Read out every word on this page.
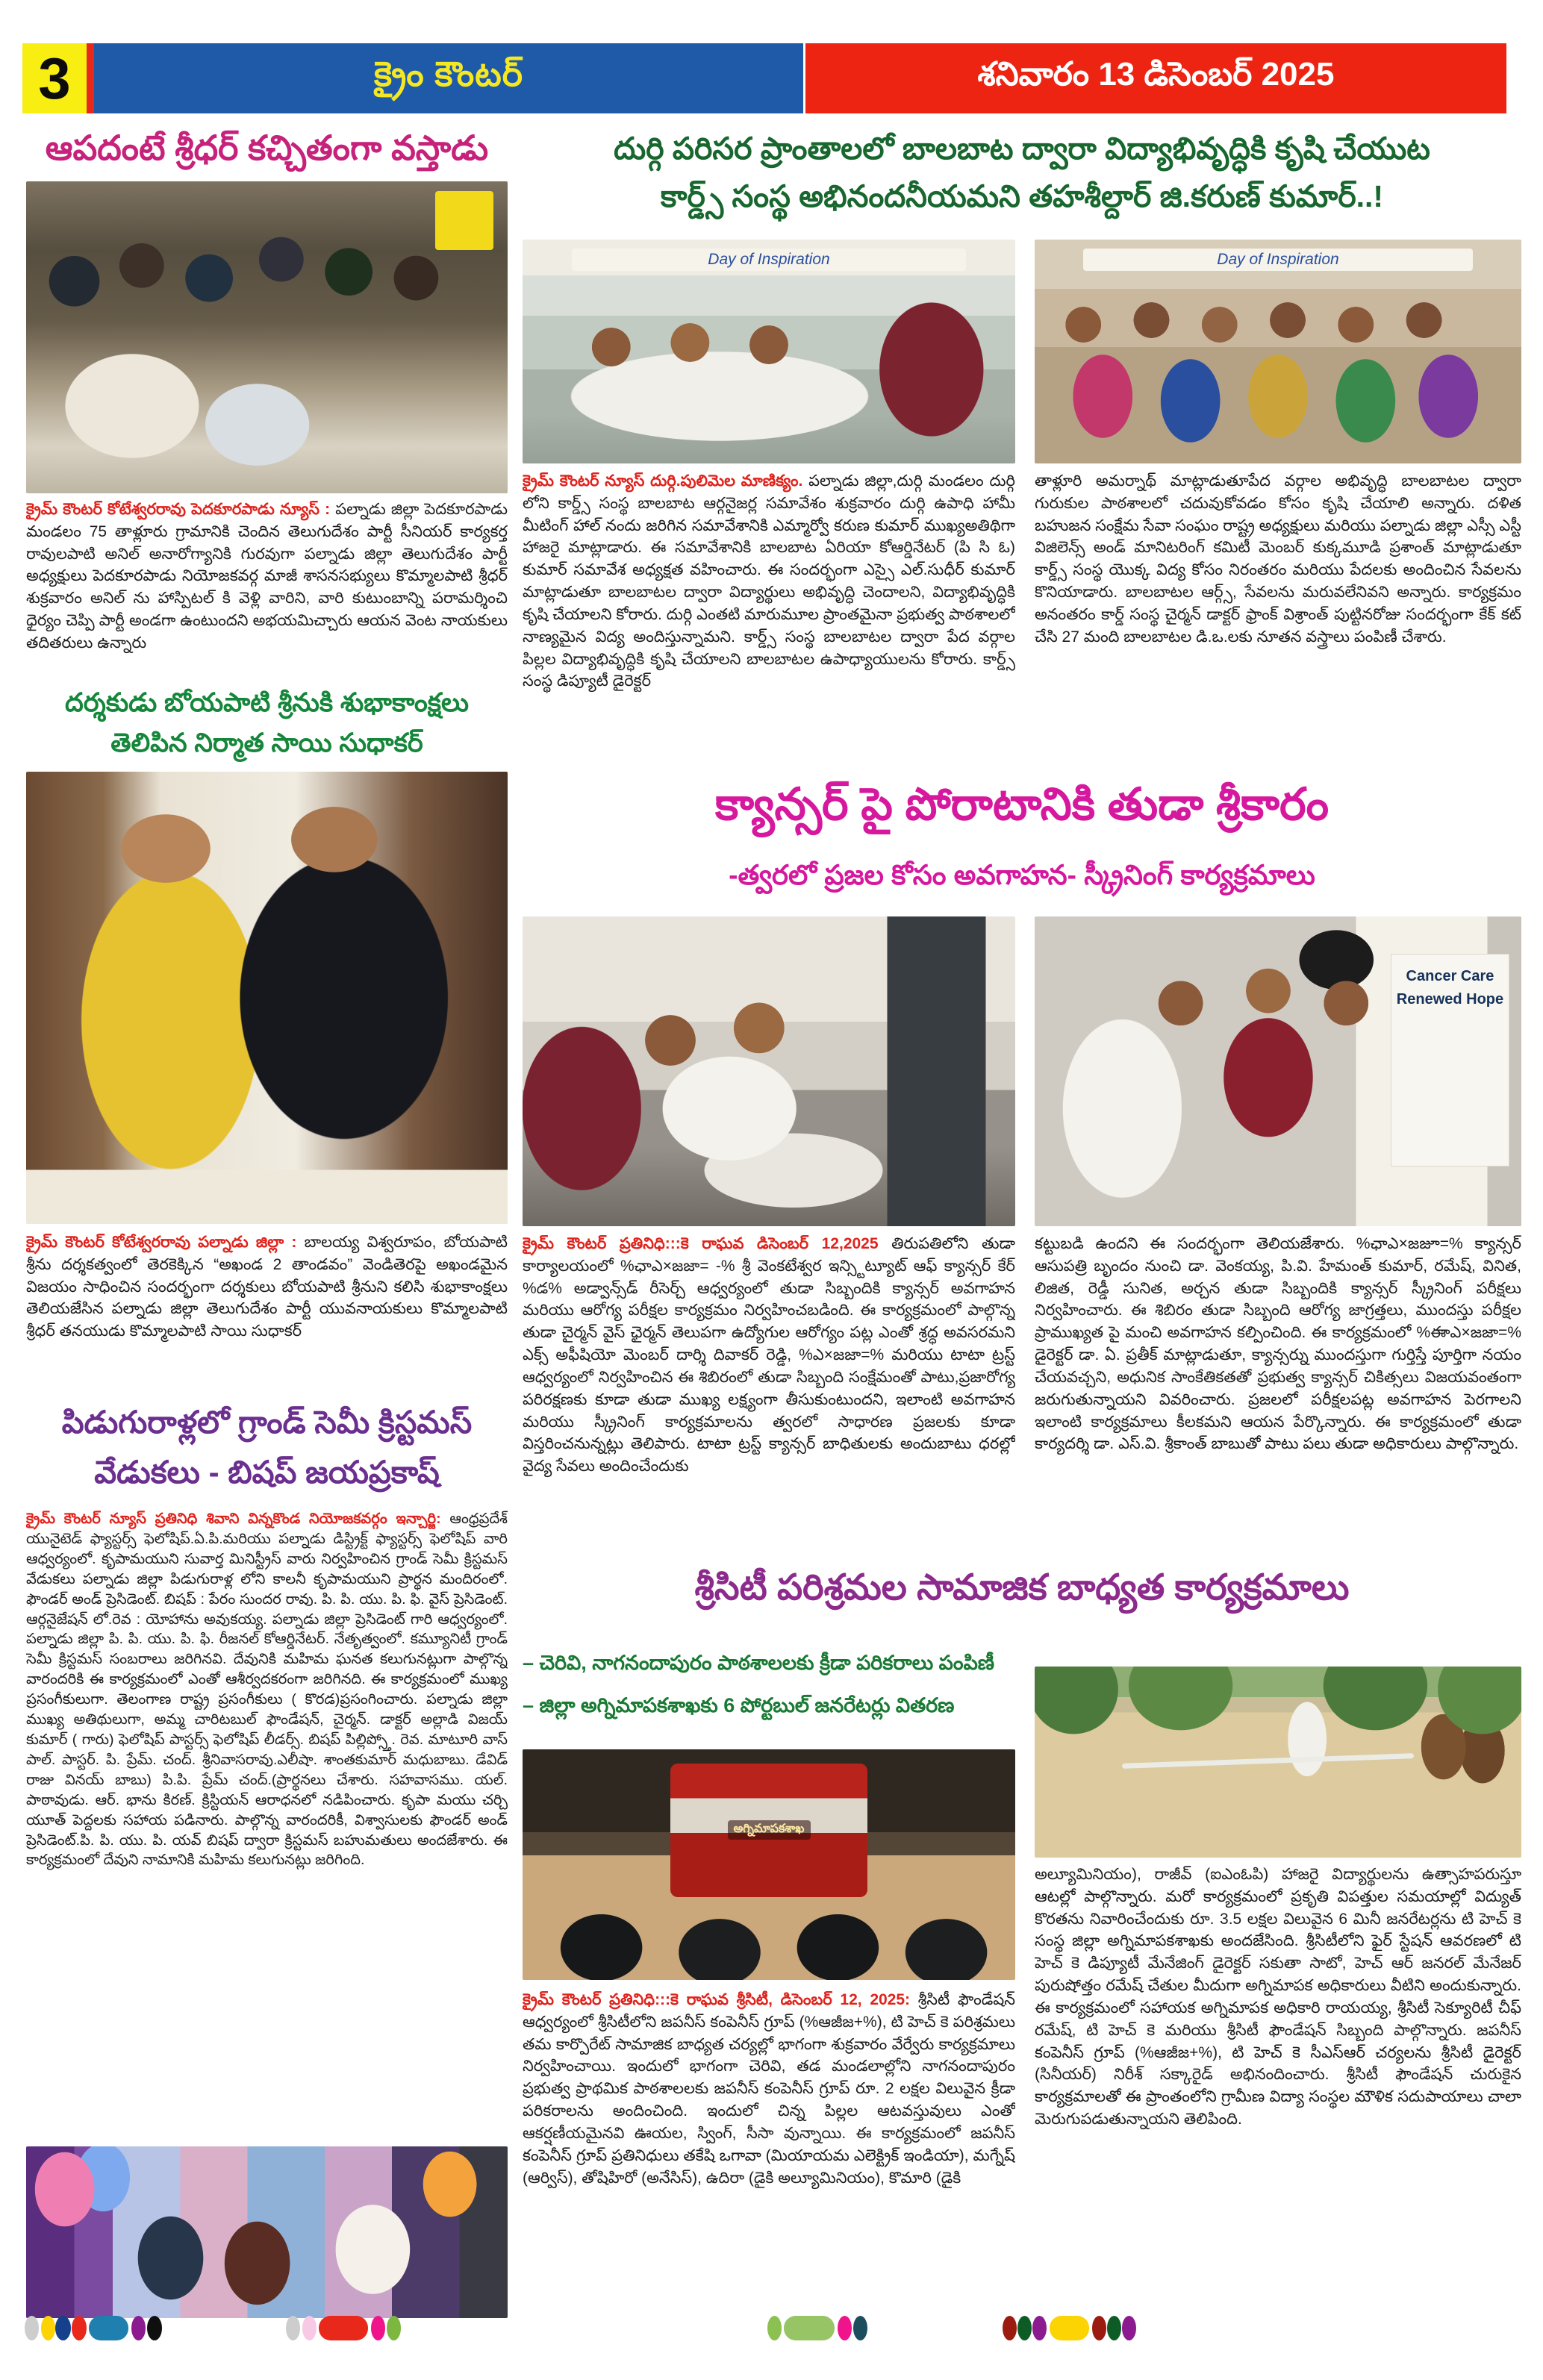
3	క్రైం కౌంటర్	శనివారం 13 డిసెంబర్ 2025
ఆపదంటే శ్రీధర్ కచ్చితంగా వస్తాడు

క్రైమ్ కౌంటర్ కోటేశ్వరరావు పెదకూరపాడు న్యూస్ : పల్నాడు జిల్లా పెదకూరపాడు మండలం 75 తాళ్లూరు గ్రామానికి చెందిన తెలుగుదేశం పార్టీ సీనియర్ కార్యకర్త రావులపాటి అనిల్ అనారోగ్యానికి గురవుగా పల్నాడు జిల్లా తెలుగుదేశం పార్టీ అధ్యక్షులు పెదకూరపాడు నియోజకవర్గ మాజీ శాసనసభ్యులు కొమ్మాలపాటి శ్రీధర్ శుక్రవారం అనిల్ ను హాస్పిటల్ కి వెళ్లి వారిని, వారి కుటుంబాన్ని పరామర్శించి ధైర్యం చెప్పి పార్టీ అండగా ఉంటుందని అభయమిచ్చారు ఆయన వెంట నాయకులు తదితరులు ఉన్నారు

దర్శకుడు బోయపాటి శ్రీనుకి శుభాకాంక్షలు
తెలిపిన నిర్మాత సాయి సుధాకర్

క్రైమ్ కౌంటర్ కోటేశ్వరరావు పల్నాడు జిల్లా : బాలయ్య విశ్వరూపం, బోయపాటి శ్రీను దర్శకత్వంలో తెరకెక్కిన “అఖండ 2 తాండవం” వెండితెరపై అఖండమైన విజయం సాధించిన సందర్భంగా దర్శకులు బోయపాటి శ్రీనుని కలిసి శుభాకాంక్షలు తెలియజేసిన పల్నాడు జిల్లా తెలుగుదేశం పార్టీ యువనాయకులు కొమ్మాలపాటి శ్రీధర్ తనయుడు కొమ్మాలపాటి సాయి సుధాకర్

పిడుగురాళ్లలో గ్రాండ్ సెమీ క్రిస్టమస్
వేడుకలు - బిషప్ జయప్రకాష్

క్రైమ్ కౌంటర్ న్యూస్ ప్రతినిధి శివాని విన్నకొండ నియోజకవర్గం ఇన్చార్జి: ఆంధ్రప్రదేశ్ యునైటెడ్ ఫ్యాస్టర్స్ ఫెలోషిప్.ఏ.పి.మరియు పల్నాడు డిస్ట్రిక్ట్ ఫ్యాస్టర్స్ ఫెలోషిప్ వారి ఆధ్వర్యంలో. కృపామయుని సువార్త మినిస్ట్రీస్ వారు నిర్వహించిన గ్రాండ్ సెమీ క్రిస్టమస్ వేడుకలు పల్నాడు జిల్లా పిడుగురాళ్ల లోని కాలనీ కృపామయుని ప్రార్థన మందిరంలో. ఫౌండర్ అండ్ ప్రెసిడెంట్. బిషప్ : పేరం సుందర రావు. పి. పి. యు. పి. ఫి. వైస్ ప్రెసిడెంట్. ఆర్గనైజేషన్ లో.రెవ : యోహాను అవుకయ్య. పల్నాడు జిల్లా ప్రెసిడెంట్ గారి ఆధ్వర్యంలో. పల్నాడు జిల్లా పి. పి. యు. పి. ఫి. రీజనల్ కోఆర్డినేటర్. నేతృత్వంలో. కమ్యూనిటీ గ్రాండ్ సెమీ క్రిస్టమస్ సంబరాలు జరిగినవి. దేవునికి మహిమ ఘనత కలుగునట్లుగా పాల్గొన్న వారందరికి ఈ కార్యక్రమంలో ఎంతో ఆశీర్వదకరంగా జరిగినది. ఈ కార్యక్రమంలో ముఖ్య ప్రసంగీకులుగా. తెలంగాణ రాష్ట్ర ప్రసంగీకులు ( కొరడ)ప్రసంగించారు. పల్నాడు జిల్లా ముఖ్య అతిథులుగా, అమ్మ చారిటబుల్ ఫౌండేషన్, చైర్మన్. డాక్టర్ అల్లాడి విజయ్ కుమార్ ( గారు) ఫెలోషిప్ పాస్టర్స్ ఫెలోషిప్ లీడర్స్. బిషప్ పిల్లిప్స్తో. రెవ. మాటూరి వాస్ పాల్. పాస్టర్. పి. ప్రేమ్. చంద్. శ్రీనివాసరావు.ఎలీషా. శాంతకుమార్ మధుబాబు. డేవిడ్ రాజు వినయ్ బాబు) పి.పి. ప్రేమ్ చంద్.(ప్రార్థనలు చేశారు. సహవాసము. యల్. పాఠావుడు. ఆర్. భాను కిరణ్. క్రిస్టియన్ ఆరాధనలో నడిపించారు. కృపా మయు చర్చి యూత్ పెద్దలకు సహాయ పడినారు. పాల్గొన్న వారందరికీ, విశ్వాసులకు ఫౌండర్ అండ్ ప్రెసిడెంట్.పి. పి. యు. పి. యవ్ బిషప్ ద్వారా క్రిస్టమస్ బహుమతులు అందజేశారు. ఈ కార్యక్రమంలో దేవుని నామానికి మహిమ కలుగునట్లు జరిగింది.

దుర్గి పరిసర ప్రాంతాలలో బాలబాట ద్వారా విద్యాభివృద్ధికి కృషి చేయుట
కార్డ్స్ సంస్థ అభినందనీయమని తహశీల్దార్ జి.కరుణ్ కుమార్..!
Day of Inspiration	Day of Inspiration

క్రైమ్ కౌంటర్ న్యూస్ దుర్గి.పులిమెల మాణిక్యం. పల్నాడు జిల్లా,దుర్గి మండలం దుర్గి లోని కార్డ్స్ సంస్థ బాలబాట ఆర్గనైజర్ల సమావేశం శుక్రవారం దుర్గి ఉపాధి హామీ మీటింగ్ హాల్ నందు జరిగిన సమావేశానికి ఎమ్మార్వో కరుణ కుమార్ ముఖ్యఅతిథిగా హాజరై మాట్లాడారు. ఈ సమావేశానికి బాలబాట ఏరియా కోఆర్డినేటర్ (పి సి ఓ) కుమార్ సమావేశ అధ్యక్షత వహించారు. ఈ సందర్భంగా ఎస్సై ఎల్.సుధీర్ కుమార్ మాట్లాడుతూ బాలబాటల ద్వారా విద్యార్థులు అభివృద్ధి చెందాలని, విద్యాభివృద్ధికి కృషి చేయాలని కోరారు. దుర్గి ఎంతటి మారుమూల ప్రాంతమైనా ప్రభుత్వ పాఠశాలలో నాణ్యమైన విద్య అందిస్తున్నామని. కార్డ్స్ సంస్థ బాలబాటల ద్వారా పేద వర్గాల పిల్లల విద్యాభివృద్ధికి కృషి చేయాలని బాలబాటల ఉపాధ్యాయులను కోరారు. కార్డ్స్ సంస్థ డిప్యూటీ డైరెక్టర్

తాళ్లూరి అమర్నాథ్ మాట్లాడుతూపేద వర్గాల అభివృద్ధి బాలబాటల ద్వారా గురుకుల పాఠశాలలో చదువుకోవడం కోసం కృషి చేయాలి అన్నారు. దళిత బహుజన సంక్షేమ సేవా సంఘం రాష్ట్ర అధ్యక్షులు మరియు పల్నాడు జిల్లా ఎస్సీ ఎస్టీ విజిలెన్స్ అండ్ మానిటరింగ్ కమిటీ మెంబర్ కుక్కమూడి ప్రశాంత్ మాట్లాడుతూ కార్డ్స్ సంస్థ యొక్క విద్య కోసం నిరంతరం మరియు పేదలకు అందించిన సేవలను కొనియాడారు. బాలబాటల ఆర్గ్స్, సేవలను మరువలేనివని అన్నారు. కార్యక్రమం అనంతరం కార్డ్ సంస్థ చైర్మన్ డాక్టర్ ఫ్రాంక్ విశ్రాంత్ పుట్టినరోజు సందర్భంగా కేక్ కట్ చేసి 27 మంది బాలబాటల డి.ఒ.లకు నూతన వస్త్రాలు పంపిణీ చేశారు.

క్యాన్సర్ పై పోరాటానికి తుడా శ్రీకారం
-త్వరలో ప్రజల కోసం అవగాహన- స్క్రీనింగ్ కార్యక్రమాలు
Cancer Care
Renewed Hope

క్రైమ్ కౌంటర్ ప్రతినిధి:::కె రాఘవ డిసెంబర్ 12,2025 తిరుపతిలోని తుడా కార్యాలయంలో %ఛాఎ×జజా= -% శ్రీ వెంకటేశ్వర ఇన్స్టిట్యూట్ ఆఫ్ క్యాన్సర్ కేర్ %డ% అడ్వాన్స్‌డ్ రీసెర్చ్ ఆధ్వర్యంలో తుడా సిబ్బందికి క్యాన్సర్ అవగాహన మరియు ఆరోగ్య పరీక్షల కార్యక్రమం నిర్వహించబడింది. ఈ కార్యక్రమంలో పాల్గొన్న తుడా చైర్మన్ వైస్ ఛైర్మన్ తెలుపగా ఉద్యోగుల ఆరోగ్యం పట్ల ఎంతో శ్రద్ధ అవసరమని ఎక్స్ అఫీషియో మెంబర్ దార్శి దివాకర్ రెడ్డి, %ఎ×జజా=% మరియు టాటా ట్రస్ట్ ఆధ్వర్యంలో నిర్వహించిన ఈ శిబిరంలో తుడా సిబ్బంది సంక్షేమంతో పాటు,ప్రజారోగ్య పరిరక్షణకు కూడా తుడా ముఖ్య లక్ష్యంగా తీసుకుంటుందని, ఇలాంటి అవగాహన మరియు స్క్రీనింగ్ కార్యక్రమాలను త్వరలో సాధారణ ప్రజలకు కూడా విస్తరించనున్నట్లు తెలిపారు. టాటా ట్రస్ట్ క్యాన్సర్ బాధితులకు అందుబాటు ధరల్లో వైద్య సేవలు అందించేందుకు

కట్టుబడి ఉందని ఈ సందర్భంగా తెలియజేశారు. %ఛాఎ×జజూ=% క్యాన్సర్ ఆసుపత్రి బృందం నుంచి డా. వెంకయ్య, పి.వి. హేమంత్ కుమార్, రమేష్, వినిత, లిజిత, రెడ్డీ సునిత, అర్చన తుడా సిబ్బందికి క్యాన్సర్ స్క్రీనింగ్ పరీక్షలు నిర్వహించారు. ఈ శిబిరం తుడా సిబ్బంది ఆరోగ్య జాగ్రత్తలు, ముందస్తు పరీక్షల ప్రాముఖ్యత పై మంచి అవగాహన కల్పించింది. ఈ కార్యక్రమంలో %ఈాఎ×జజా=% డైరెక్టర్ డా. ఏ. ప్రతీక్ మాట్లాడుతూ, క్యాన్సర్ను ముందస్తుగా గుర్తిస్తే పూర్తిగా నయం చేయవచ్చని, అధునిక సాంకేతికతతో ప్రభుత్వ క్యాన్సర్ చికిత్సలు విజయవంతంగా జరుగుతున్నాయని వివరించారు. ప్రజలలో పరీక్షలపట్ల అవగాహన పెరగాలని ఇలాంటి కార్యక్రమాలు కీలకమని ఆయన పేర్కొన్నారు. ఈ కార్యక్రమంలో తుడా కార్యదర్శి డా. ఎస్.వి. శ్రీకాంత్ బాబుతో పాటు పలు తుడా అధికారులు పాల్గొన్నారు.

శ్రీసిటీ పరిశ్రమల సామాజిక బాధ్యత కార్యక్రమాలు
– చెరివి, నాగనందాపురం పాఠశాలలకు క్రీడా పరికరాలు పంపిణీ
– జిల్లా అగ్నిమాపకశాఖకు 6 పోర్టబుల్ జనరేటర్లు వితరణ
అగ్నిమాపకశాఖ

అల్యూమినియం), రాజీవ్ (ఐఎంఓపి) హాజరై విద్యార్థులను ఉత్సాహపరుస్తూ ఆటల్లో పాల్గొన్నారు. మరో కార్యక్రమంలో ప్రకృతి విపత్తుల సమయాల్లో విద్యుత్ కొరతను నివారించేందుకు రూ. 3.5 లక్షల విలువైన 6 మినీ జనరేటర్లను టి హెచ్ కె సంస్థ జిల్లా అగ్నిమాపకశాఖకు అందజేసింది. శ్రీసిటీలోని ఫైర్ స్టేషన్ ఆవరణలో టి హెచ్ కె డిప్యూటీ మేనేజింగ్ డైరెక్టర్ సకుతా సాటో, హెచ్ ఆర్ జనరల్ మేనేజర్ పురుషోత్తం రమేష్ చేతుల మీదుగా అగ్నిమాపక అధికారులు వీటిని అందుకున్నారు. ఈ కార్యక్రమంలో సహాయక అగ్నిమాపక అధికారి రాయయ్య, శ్రీసిటీ సెక్యూరిటీ చీఫ్ రమేష్, టి హెచ్ కె మరియు శ్రీసిటీ ఫౌండేషన్ సిబ్బంది పాల్గొన్నారు. జపనీస్ కంపెనీస్ గ్రూప్ (%ఆజీజ+%), టి హెచ్ కె సీఎస్ఆర్ చర్యలను శ్రీసిటీ డైరెక్టర్ (సినీయర్) నిరీశ్ సక్కారైడ్ అభినందించారు. శ్రీసిటీ ఫౌండేషన్ చురుకైన కార్యక్రమాలతో ఈ ప్రాంతంలోని గ్రామీణ విద్యా సంస్థల మౌళిక సదుపాయాలు చాలా మెరుగుపడుతున్నాయని తెలిపింది.

క్రైమ్ కౌంటర్ ప్రతినిధి:::కె రాఘవ శ్రీసిటీ, డిసెంబర్ 12, 2025: శ్రీసిటీ ఫౌండేషన్ ఆధ్వర్యంలో శ్రీసిటీలోని జపనీస్ కంపెనీస్ గ్రూప్ (%ఆజీజ+%), టి హెచ్ కె పరిశ్రమలు తమ కార్పొరేట్ సామాజిక బాధ్యత చర్యల్లో భాగంగా శుక్రవారం వేర్వేరు కార్యక్రమాలు నిర్వహించాయి. ఇందులో భాగంగా చెరివి, తడ మండలాల్లోని నాగనందాపురం ప్రభుత్వ ప్రాథమిక పాఠశాలలకు జపనీస్ కంపెనీస్ గ్రూప్ రూ. 2 లక్షల విలువైన క్రీడా పరికరాలను అందించింది. ఇందులో చిన్న పిల్లల ఆటవస్తువులు ఎంతో ఆకర్షణీయమైనవి ఊయల, స్వింగ్, సీసా వున్నాయి. ఈ కార్యక్రమంలో జపనీస్ కంపెనీస్ గ్రూప్ ప్రతినిధులు తకేషి ఒగావా (మియాయమ ఎలెక్ట్రిక్ ఇండియా), మగ్నేష్ (ఆర్విస్), తోషిహిరో (అనేసిస్), ఉదిరా (డైకి అల్యూమినియం), కొమారి (డైకి
